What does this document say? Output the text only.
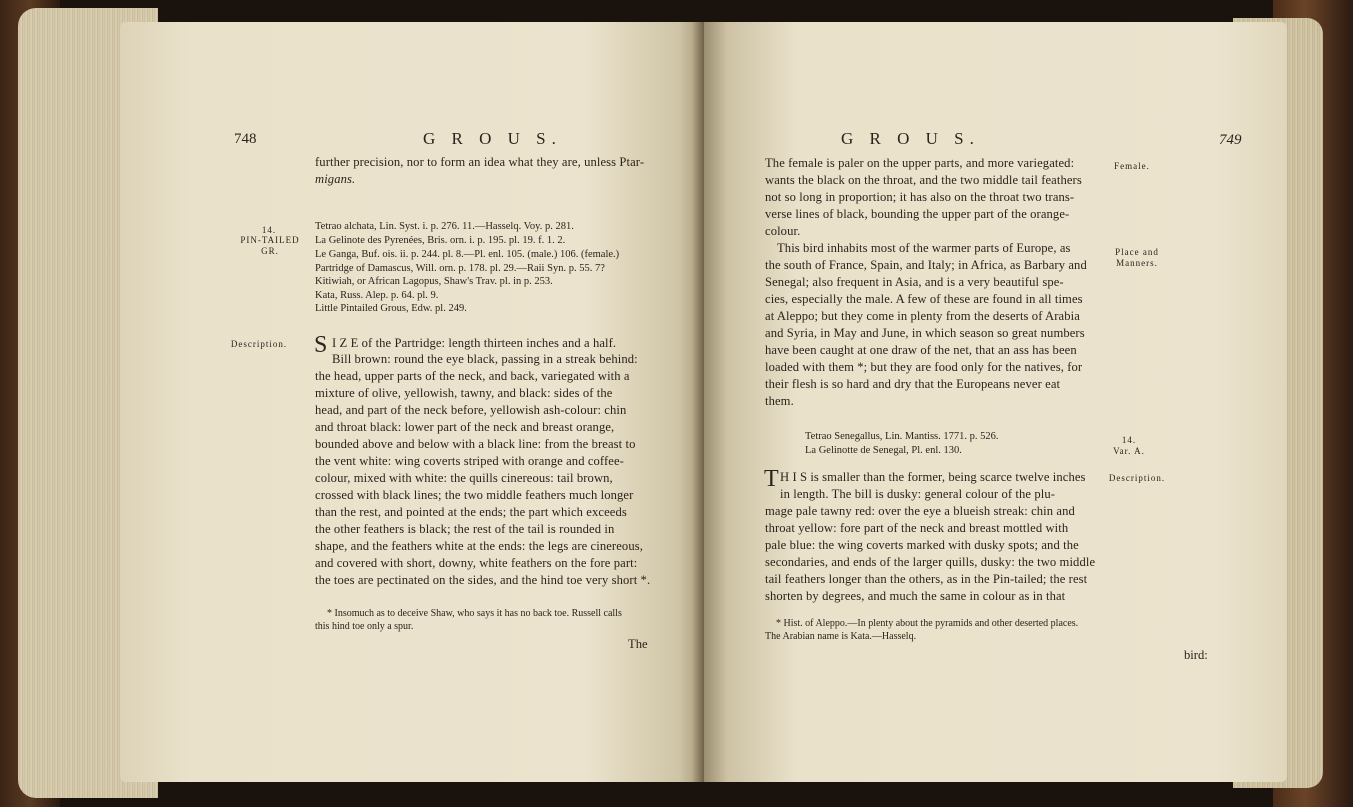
748	G R O U S.
further precision, nor to form an idea what they are, unless Ptar-
migans.
14.
PIN-TAILED
GR.
Tetrao alchata, Lin. Syst. i. p. 276. 11.—Hasselq. Voy. p. 281.
La Gelinote des Pyrenées, Bris. orn. i. p. 195. pl. 19. f. 1. 2.
Le Ganga, Buf. ois. ii. p. 244. pl. 8.—Pl. enl. 105. (male.) 106. (female.)
Partridge of Damascus, Will. orn. p. 178. pl. 29.—Raii Syn. p. 55. 7?
Kitiwiah, or African Lagopus, Shaw's Trav. pl. in p. 253.
Kata, Russ. Alep. p. 64. pl. 9.
Little Pintailed Grous, Edw. pl. 249.
Description.	S I Z E of the Partridge: length thirteen inches and a half.
Bill brown: round the eye black, passing in a streak behind:
the head, upper parts of the neck, and back, variegated with a
mixture of olive, yellowish, tawny, and black: sides of the
head, and part of the neck before, yellowish ash-colour: chin
and throat black: lower part of the neck and breast orange,
bounded above and below with a black line: from the breast to
the vent white: wing coverts striped with orange and coffee-
colour, mixed with white: the quills cinereous: tail brown,
crossed with black lines; the two middle feathers much longer
than the rest, and pointed at the ends; the part which exceeds
the other feathers is black; the rest of the tail is rounded in
shape, and the feathers white at the ends: the legs are cinereous,
and covered with short, downy, white feathers on the fore part:
the toes are pectinated on the sides, and the hind toe very short *.
* Insomuch as to deceive Shaw, who says it has no back toe. Russell calls
this hind toe only a spur.
The
G R O U S.	749
The female is paler on the upper parts, and more variegated:
wants the black on the throat, and the two middle tail feathers
not so long in proportion; it has also on the throat two trans-
verse lines of black, bounding the upper part of the orange-
colour.
Female.
This bird inhabits most of the warmer parts of Europe, as
the south of France, Spain, and Italy; in Africa, as Barbary and
Senegal; also frequent in Asia, and is a very beautiful spe-
cies, especially the male. A few of these are found in all times
at Aleppo; but they come in plenty from the deserts of Arabia
and Syria, in May and June, in which season so great numbers
have been caught at one draw of the net, that an ass has been
loaded with them *; but they are food only for the natives, for
their flesh is so hard and dry that the Europeans never eat
them.
Place and
Manners.
Tetrao Senegallus, Lin. Mantiss. 1771. p. 526.
La Gelinotte de Senegal, Pl. enl. 130.
14.
Var. A.
Description.
T H I S is smaller than the former, being scarce twelve inches
in length. The bill is dusky: general colour of the plu-
mage pale tawny red: over the eye a blueish streak: chin and
throat yellow: fore part of the neck and breast mottled with
pale blue: the wing coverts marked with dusky spots; and the
secondaries, and ends of the larger quills, dusky: the two middle
tail feathers longer than the others, as in the Pin-tailed; the rest
shorten by degrees, and much the same in colour as in that
* Hist. of Aleppo.—In plenty about the pyramids and other deserted places.
The Arabian name is Kata.—Hasselq.
bird:
